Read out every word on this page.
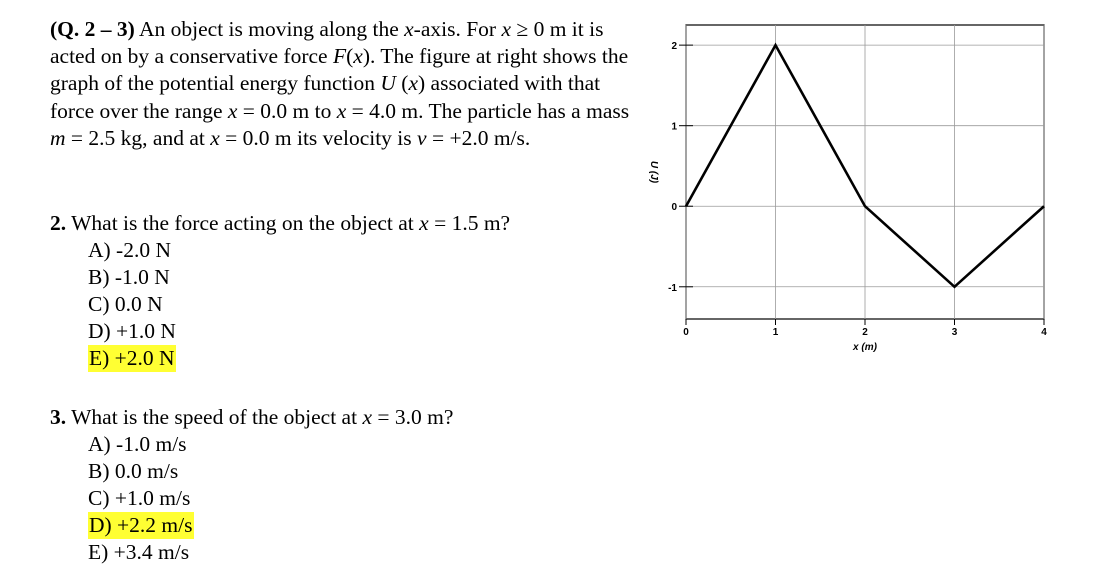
(Q. 2 – 3) An object is moving along the x-axis. For x ≥ 0 m it is acted on by a conservative force F(x). The figure at right shows the graph of the potential energy function U (x) associated with that force over the range x = 0.0 m to x = 4.0 m. The particle has a mass m = 2.5 kg, and at x = 0.0 m its velocity is v = +2.0 m/s.
2. What is the force acting on the object at x = 1.5 m?
A) -2.0 N
B) -1.0 N
C) 0.0 N
D) +1.0 N
E) +2.0 N
3. What is the speed of the object at x = 3.0 m?
A) -1.0 m/s
B) 0.0 m/s
C) +1.0 m/s
D) +2.2 m/s
E) +3.4 m/s
0	1	2	3	4
-1
0
1
2
x (m)
U (J)
